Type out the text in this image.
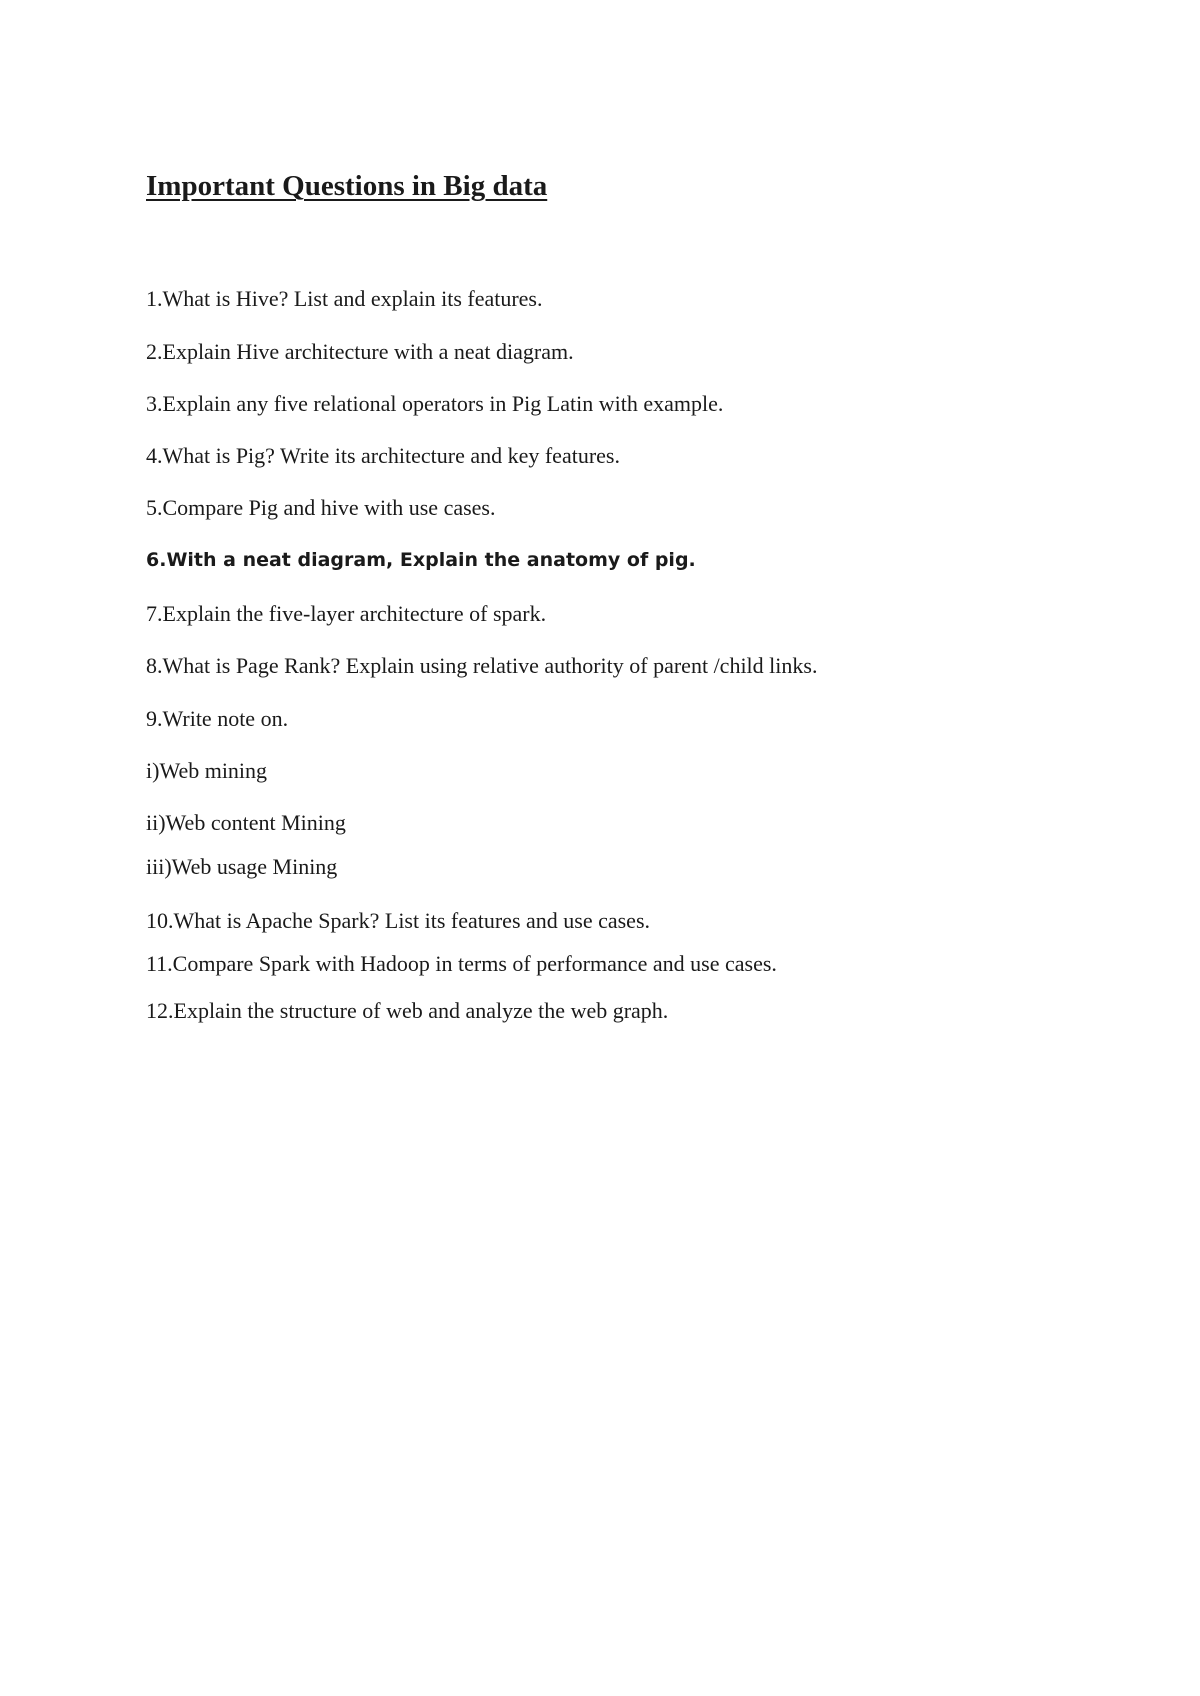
Important Questions in Big data

1.What is Hive? List and explain its features.

2.Explain Hive architecture with a neat diagram.

3.Explain any five relational operators in Pig Latin with example.

4.What is Pig? Write its architecture and key features.

5.Compare Pig and hive with use cases.

6.With a neat diagram, Explain the anatomy of pig.

7.Explain the five-layer architecture of spark.

8.What is Page Rank? Explain using relative authority of parent /child links.

9.Write note on.

i)Web mining

ii)Web content Mining

iii)Web usage Mining

10.What is Apache Spark? List its features and use cases.

11.Compare Spark with Hadoop in terms of performance and use cases.

12.Explain the structure of web and analyze the web graph.
